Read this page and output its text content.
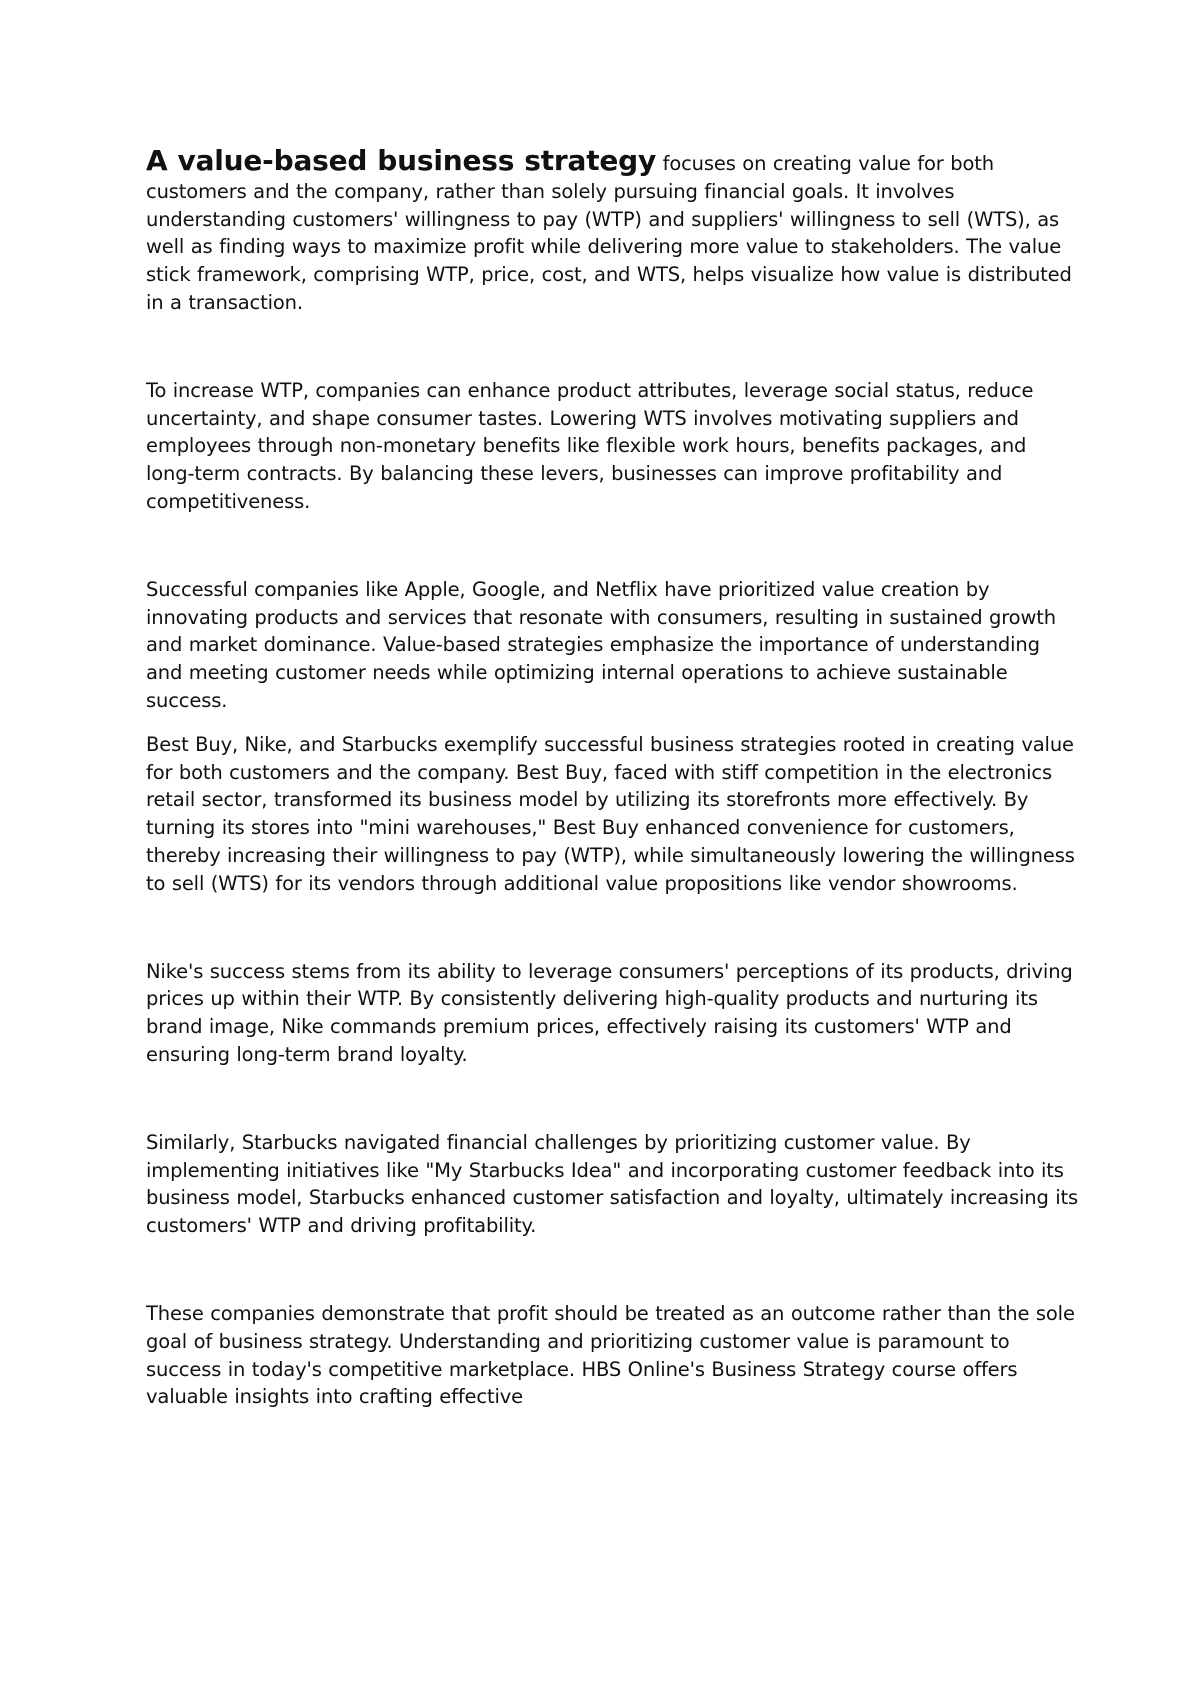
A value-based business strategy focuses on creating value for both customers and the company, rather than solely pursuing financial goals. It involves understanding customers' willingness to pay (WTP) and suppliers' willingness to sell (WTS), as well as finding ways to maximize profit while delivering more value to stakeholders. The value stick framework, comprising WTP, price, cost, and WTS, helps visualize how value is distributed in a transaction.

To increase WTP, companies can enhance product attributes, leverage social status, reduce uncertainty, and shape consumer tastes. Lowering WTS involves motivating suppliers and employees through non-monetary benefits like flexible work hours, benefits packages, and long-term contracts. By balancing these levers, businesses can improve profitability and competitiveness.

Successful companies like Apple, Google, and Netflix have prioritized value creation by innovating products and services that resonate with consumers, resulting in sustained growth and market dominance. Value-based strategies emphasize the importance of understanding and meeting customer needs while optimizing internal operations to achieve sustainable success.

Best Buy, Nike, and Starbucks exemplify successful business strategies rooted in creating value for both customers and the company. Best Buy, faced with stiff competition in the electronics retail sector, transformed its business model by utilizing its storefronts more effectively. By turning its stores into "mini warehouses," Best Buy enhanced convenience for customers, thereby increasing their willingness to pay (WTP), while simultaneously lowering the willingness to sell (WTS) for its vendors through additional value propositions like vendor showrooms.

Nike's success stems from its ability to leverage consumers' perceptions of its products, driving prices up within their WTP. By consistently delivering high-quality products and nurturing its brand image, Nike commands premium prices, effectively raising its customers' WTP and ensuring long-term brand loyalty.

Similarly, Starbucks navigated financial challenges by prioritizing customer value. By implementing initiatives like "My Starbucks Idea" and incorporating customer feedback into its business model, Starbucks enhanced customer satisfaction and loyalty, ultimately increasing its customers' WTP and driving profitability.

These companies demonstrate that profit should be treated as an outcome rather than the sole goal of business strategy. Understanding and prioritizing customer value is paramount to success in today's competitive marketplace. HBS Online's Business Strategy course offers valuable insights into crafting effective
